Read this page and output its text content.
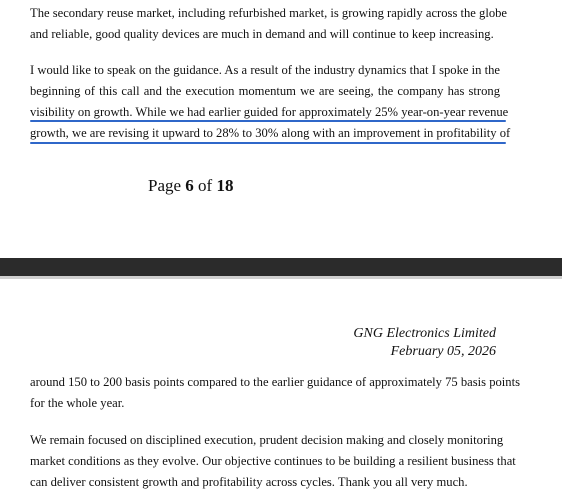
The secondary reuse market, including refurbished market, is growing rapidly across the globe
and reliable, good quality devices are much in demand and will continue to keep increasing.

I would like to speak on the guidance. As a result of the industry dynamics that I spoke in the
beginning of this call and the execution momentum we are seeing, the company has strong
visibility on growth. While we had earlier guided for approximately 25% year-on-year revenue
growth, we are revising it upward to 28% to 30% along with an improvement in profitability of

Page 6 of 18
GNG Electronics Limited
February 05, 2026

around 150 to 200 basis points compared to the earlier guidance of approximately 75 basis points
for the whole year.

We remain focused on disciplined execution, prudent decision making and closely monitoring
market conditions as they evolve. Our objective continues to be building a resilient business that
can deliver consistent growth and profitability across cycles. Thank you all very much.
